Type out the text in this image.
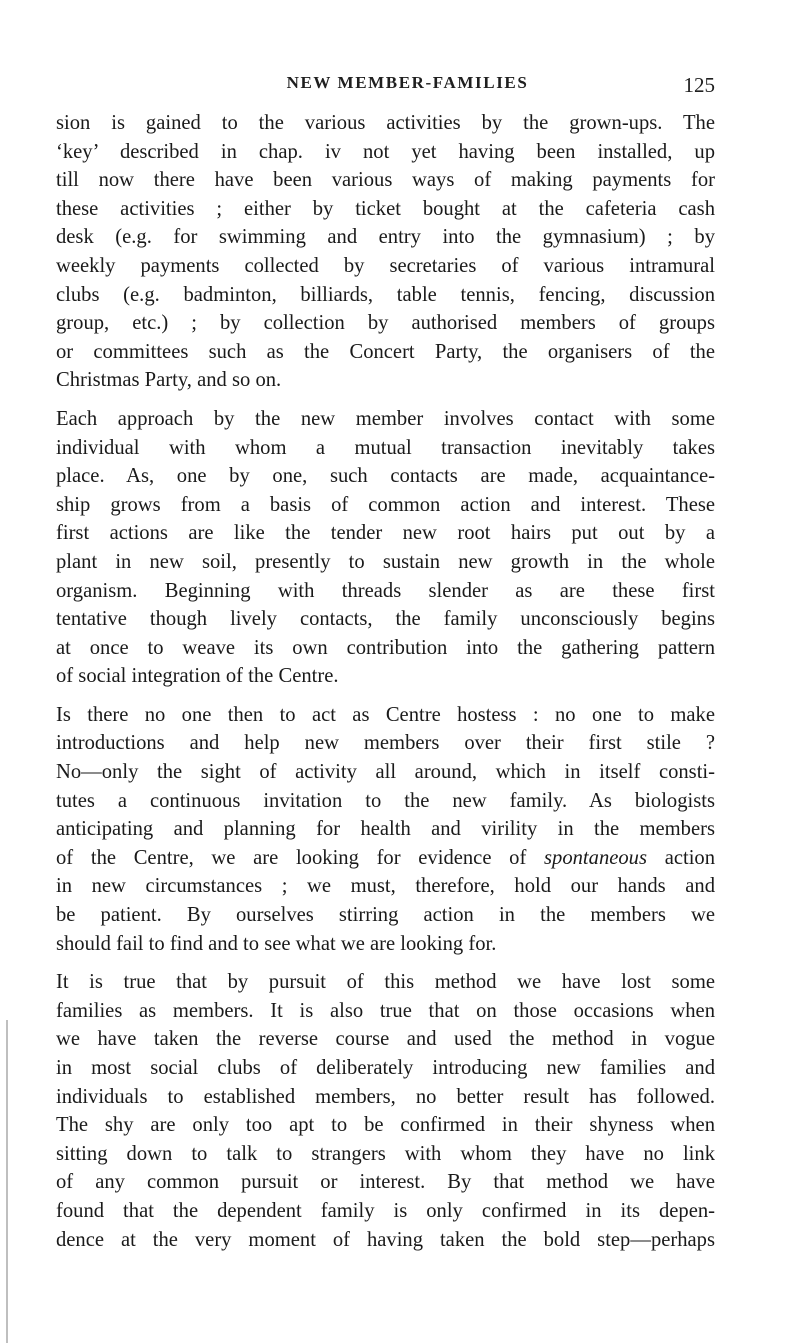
NEW MEMBER-FAMILIES	125
sion is gained to the various activities by the grown-ups. The
‘key’ described in chap. iv not yet having been installed, up
till now there have been various ways of making payments for
these activities ; either by ticket bought at the cafeteria cash
desk (e.g. for swimming and entry into the gymnasium) ; by
weekly payments collected by secretaries of various intramural
clubs (e.g. badminton, billiards, table tennis, fencing, discussion
group, etc.) ; by collection by authorised members of groups
or committees such as the Concert Party, the organisers of the
Christmas Party, and so on.
Each approach by the new member involves contact with some
individual with whom a mutual transaction inevitably takes
place. As, one by one, such contacts are made, acquaintance-
ship grows from a basis of common action and interest. These
first actions are like the tender new root hairs put out by a
plant in new soil, presently to sustain new growth in the whole
organism. Beginning with threads slender as are these first
tentative though lively contacts, the family unconsciously begins
at once to weave its own contribution into the gathering pattern
of social integration of the Centre.
Is there no one then to act as Centre hostess : no one to make
introductions and help new members over their first stile ?
No—only the sight of activity all around, which in itself consti-
tutes a continuous invitation to the new family. As biologists
anticipating and planning for health and virility in the members
of the Centre, we are looking for evidence of spontaneous action
in new circumstances ; we must, therefore, hold our hands and
be patient. By ourselves stirring action in the members we
should fail to find and to see what we are looking for.
It is true that by pursuit of this method we have lost some
families as members. It is also true that on those occasions when
we have taken the reverse course and used the method in vogue
in most social clubs of deliberately introducing new families and
individuals to established members, no better result has followed.
The shy are only too apt to be confirmed in their shyness when
sitting down to talk to strangers with whom they have no link
of any common pursuit or interest. By that method we have
found that the dependent family is only confirmed in its depen-
dence at the very moment of having taken the bold step—perhaps
